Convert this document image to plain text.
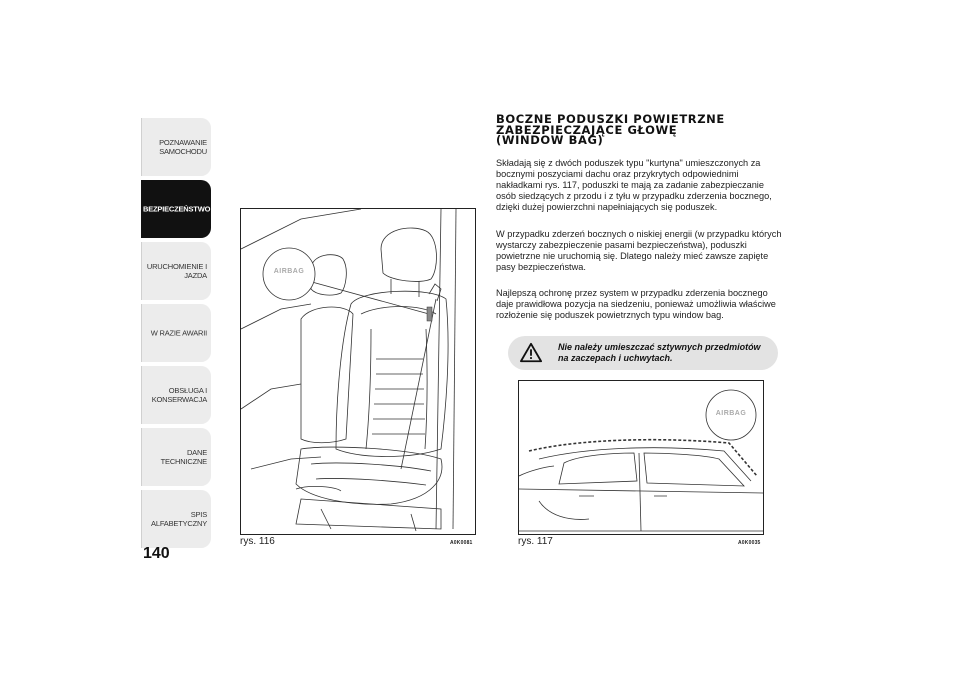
POZNAWANIE SAMOCHODU
BEZPIECZEŃSTWO
URUCHOMIENIE I JAZDA
W RAZIE AWARII
OBSŁUGA I KONSERWACJA
DANE TECHNICZNE
SPIS ALFABETYCZNY
140
AIRBAG
rys. 116	A0K0081
BOCZNE PODUSZKI POWIETRZNE
ZABEZPIECZAJĄCE GŁOWĘ
(WINDOW BAG)
Składają się z dwóch poduszek typu "kurtyna" umieszczonych za bocznymi poszyciami dachu oraz przykrytych odpowiednimi nakładkami rys. 117, poduszki te mają za zadanie zabezpieczanie osób siedzących z przodu i z tyłu w przypadku zderzenia bocznego, dzięki dużej powierzchni napełniających się poduszek.
W przypadku zderzeń bocznych o niskiej energii (w przypadku których wystarczy zabezpieczenie pasami bezpieczeństwa), poduszki powietrzne nie uruchomią się. Dlatego należy mieć zawsze zapięte pasy bezpieczeństwa.
Najlepszą ochronę przez system w przypadku zderzenia bocznego daje prawidłowa pozycja na siedzeniu, ponieważ umożliwia właściwe rozłożenie się poduszek powietrznych typu window bag.
Nie należy umieszczać sztywnych przedmiotów na zaczepach i uchwytach.
AIRBAG
rys. 117	A0K0035
